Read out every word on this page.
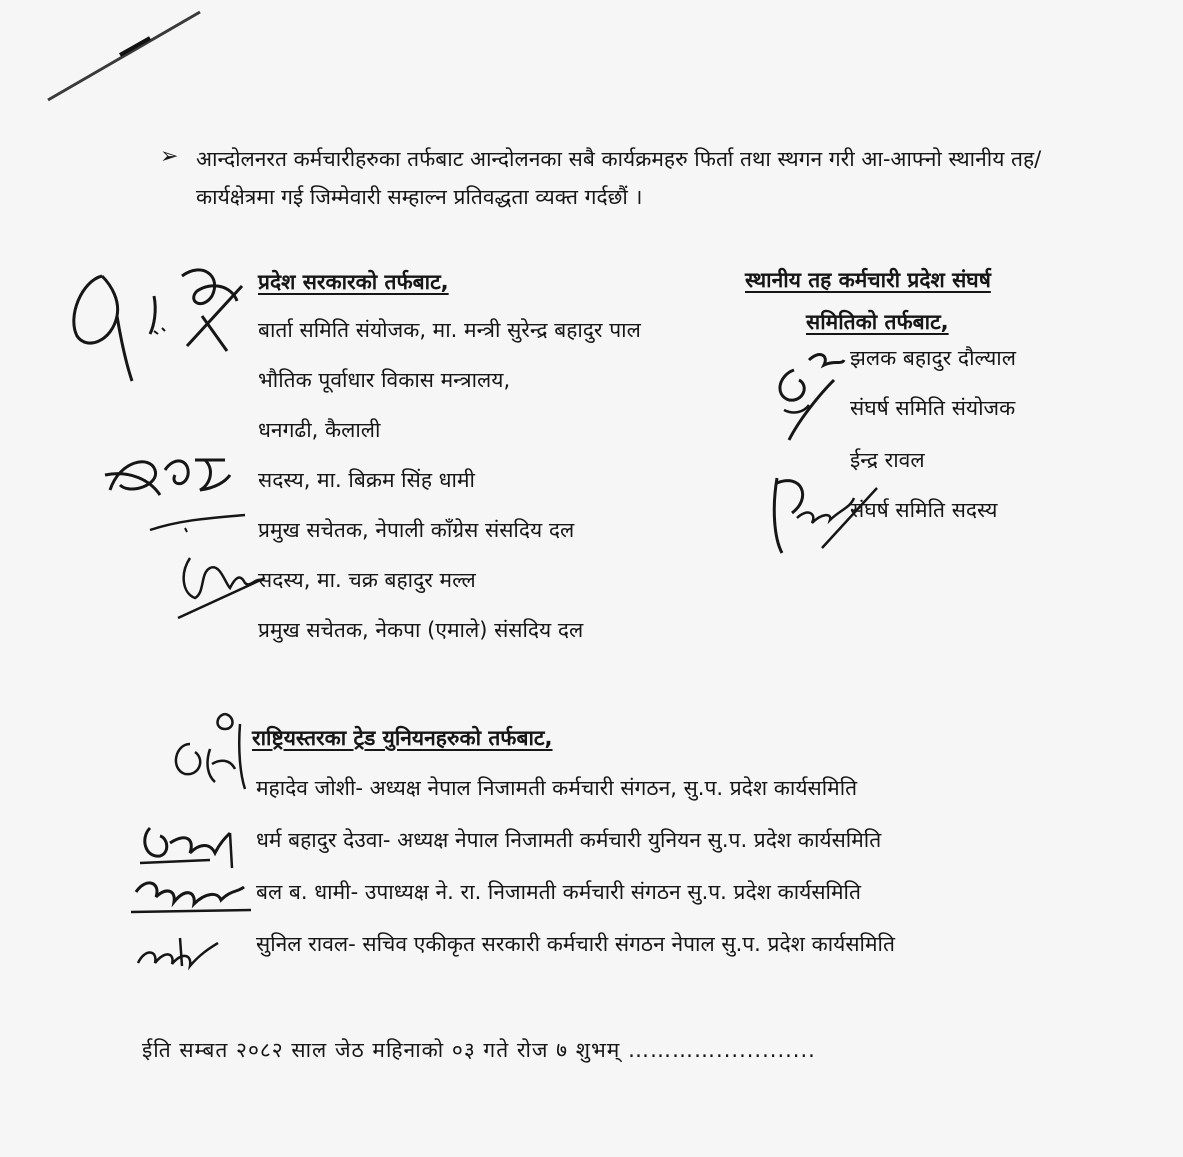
➢ आन्दोलनरत कर्मचारीहरुका तर्फबाट आन्दोलनका सबै कार्यक्रमहरु फिर्ता तथा स्थगन गरी आ-आफ्नो स्थानीय तह/कार्यक्षेत्रमा गई जिम्मेवारी सम्हाल्न प्रतिवद्धता व्यक्त गर्दछौं ।
प्रदेश सरकारको तर्फबाट,
बार्ता समिति संयोजक, मा. मन्त्री सुरेन्द्र बहादुर पाल
भौतिक पूर्वाधार विकास मन्त्रालय,
धनगढी, कैलाली
सदस्य, मा. बिक्रम सिंह धामी
प्रमुख सचेतक, नेपाली काँग्रेस संसदिय दल
सदस्य, मा. चक्र बहादुर मल्ल
प्रमुख सचेतक, नेकपा (एमाले) संसदिय दल
स्थानीय तह कर्मचारी प्रदेश संघर्ष
समितिको तर्फबाट,
झलक बहादुर दौल्याल
संघर्ष समिति संयोजक
ईन्द्र रावल
संघर्ष समिति सदस्य
राष्ट्रियस्तरका ट्रेड युनियनहरुको तर्फबाट,
महादेव जोशी- अध्यक्ष नेपाल निजामती कर्मचारी संगठन, सु.प. प्रदेश कार्यसमिति
धर्म बहादुर देउवा- अध्यक्ष नेपाल निजामती कर्मचारी युनियन सु.प. प्रदेश कार्यसमिति
बल ब. धामी- उपाध्यक्ष ने. रा. निजामती कर्मचारी संगठन सु.प. प्रदेश कार्यसमिति
सुनिल रावल- सचिव एकीकृत सरकारी कर्मचारी संगठन नेपाल सु.प. प्रदेश कार्यसमिति
ईति सम्बत २०८२ साल जेठ महिनाको ०३ गते रोज ७ शुभम् ………….............
